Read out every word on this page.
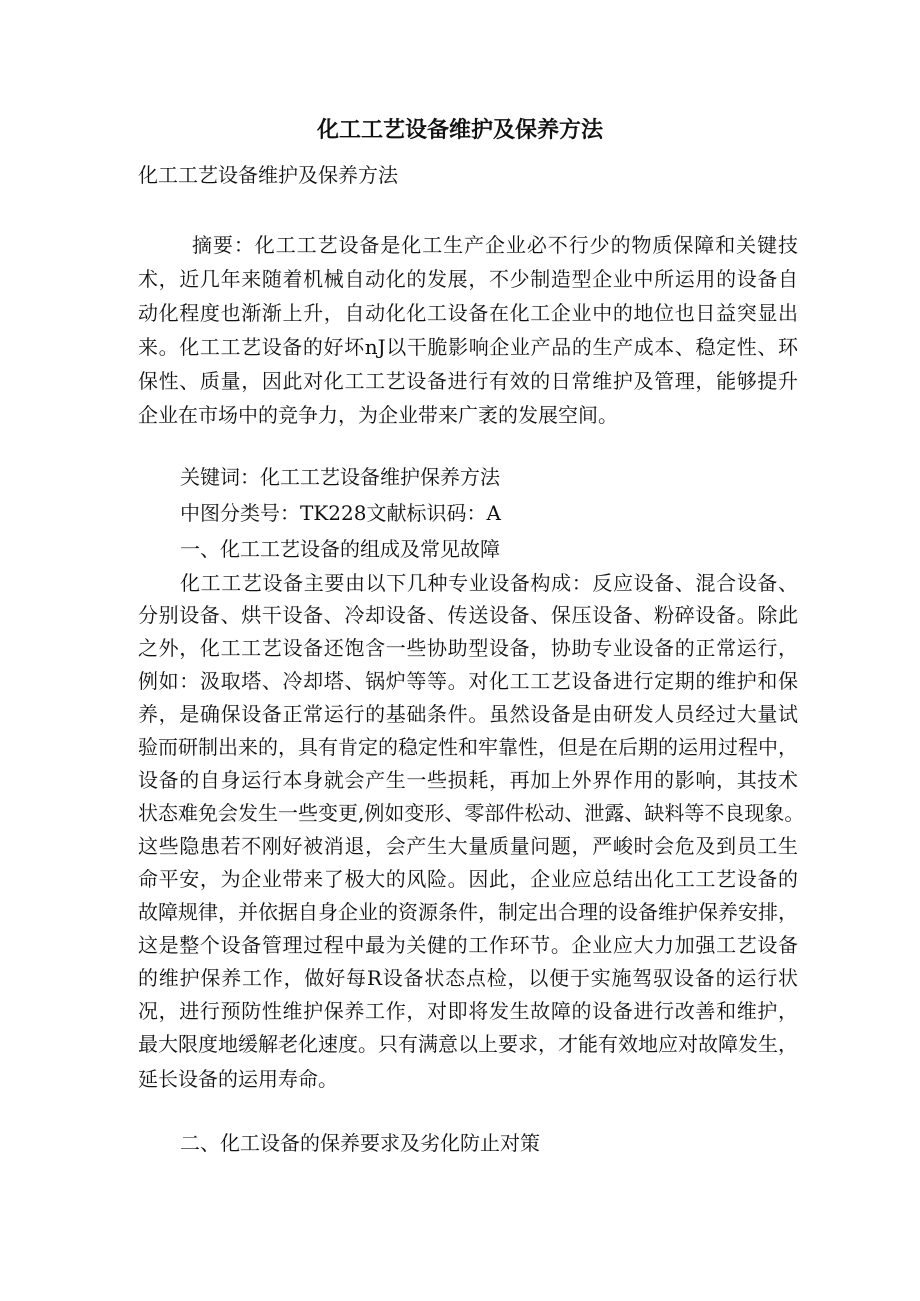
化工工艺设备维护及保养方法
化工工艺设备维护及保养方法
摘要：化工工艺设备是化工生产企业必不行少的物质保障和关键技
术，近几年来随着机械自动化的发展，不少制造型企业中所运用的设备自
动化程度也渐渐上升，自动化化工设备在化工企业中的地位也日益突显出
来。化工工艺设备的好坏nJ以干脆影响企业产品的生产成本、稳定性、环
保性、质量，因此对化工工艺设备进行有效的日常维护及管理，能够提升
企业在市场中的竞争力，为企业带来广袤的发展空间。
关键词：化工工艺设备维护保养方法
中图分类号：TK228文献标识码：A
一、化工工艺设备的组成及常见故障
化工工艺设备主要由以下几种专业设备构成：反应设备、混合设备、
分别设备、烘干设备、冷却设备、传送设备、保压设备、粉碎设备。除此
之外，化工工艺设备还饱含一些协助型设备，协助专业设备的正常运行，
例如：汲取塔、冷却塔、锅炉等等。对化工工艺设备进行定期的维护和保
养，是确保设备正常运行的基础条件。虽然设备是由研发人员经过大量试
验而研制出来的，具有肯定的稳定性和牢靠性，但是在后期的运用过程中，
设备的自身运行本身就会产生一些损耗，再加上外界作用的影响，其技术
状态难免会发生一些变更,例如变形、零部件松动、泄露、缺料等不良现象。
这些隐患若不刚好被消退，会产生大量质量问题，严峻时会危及到员工生
命平安，为企业带来了极大的风险。因此，企业应总结出化工工艺设备的
故障规律，并依据自身企业的资源条件，制定出合理的设备维护保养安排，
这是整个设备管理过程中最为关健的工作环节。企业应大力加强工艺设备
的维护保养工作，做好每R设备状态点检，以便于实施驾驭设备的运行状
况，进行预防性维护保养工作，对即将发生故障的设备进行改善和维护，
最大限度地缓解老化速度。只有满意以上要求，才能有效地应对故障发生，
延长设备的运用寿命。
二、化工设备的保养要求及劣化防止对策
